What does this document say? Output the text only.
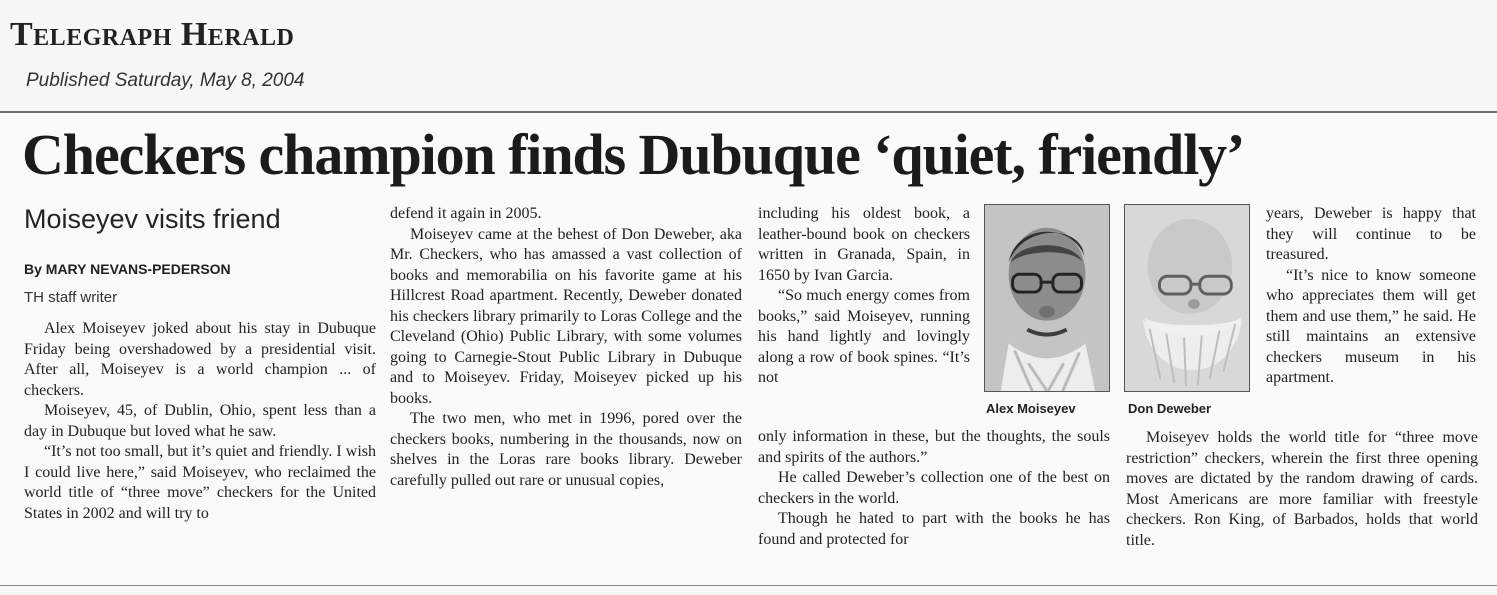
Telegraph Herald
Published Saturday, May 8, 2004
Checkers champion finds Dubuque ‘quiet, friendly’
Moiseyev visits friend
By MARY NEVANS-PEDERSON
TH staff writer

Alex Moiseyev joked about his stay in Dubuque Friday being overshadowed by a presidential visit. After all, Moiseyev is a world champion ... of checkers.

Moiseyev, 45, of Dublin, Ohio, spent less than a day in Dubuque but loved what he saw.

“It’s not too small, but it’s quiet and friendly. I wish I could live here,” said Moiseyev, who reclaimed the world title of “three move” checkers for the United States in 2002 and will try to

defend it again in 2005.

Moiseyev came at the behest of Don Deweber, aka Mr. Checkers, who has amassed a vast collection of books and memorabilia on his favorite game at his Hillcrest Road apartment. Recently, Deweber donated his checkers library primarily to Loras College and the Cleveland (Ohio) Public Library, with some volumes going to Carnegie-Stout Public Library in Dubuque and to Moiseyev. Friday, Moiseyev picked up his books.

The two men, who met in 1996, pored over the checkers books, numbering in the thousands, now on shelves in the Loras rare books library. Deweber carefully pulled out rare or unusual copies,

including his oldest book, a leather-bound book on checkers written in Granada, Spain, in 1650 by Ivan Garcia.

“So much energy comes from books,” said Moiseyev, running his hand lightly and lovingly along a row of book spines. “It’s not

only information in these, but the thoughts, the souls and spirits of the authors.”

He called Deweber’s collection one of the best on checkers in the world.

Though he hated to part with the books he has found and protected for

Alex Moiseyev	Don Deweber

years, Deweber is happy that they will continue to be treasured.

“It’s nice to know someone who appreciates them will get them and use them,” he said. He still maintains an extensive checkers museum in his apartment.

Moiseyev holds the world title for “three move restriction” checkers, wherein the first three opening moves are dictated by the random drawing of cards. Most Americans are more familiar with freestyle checkers. Ron King, of Barbados, holds that world title.
